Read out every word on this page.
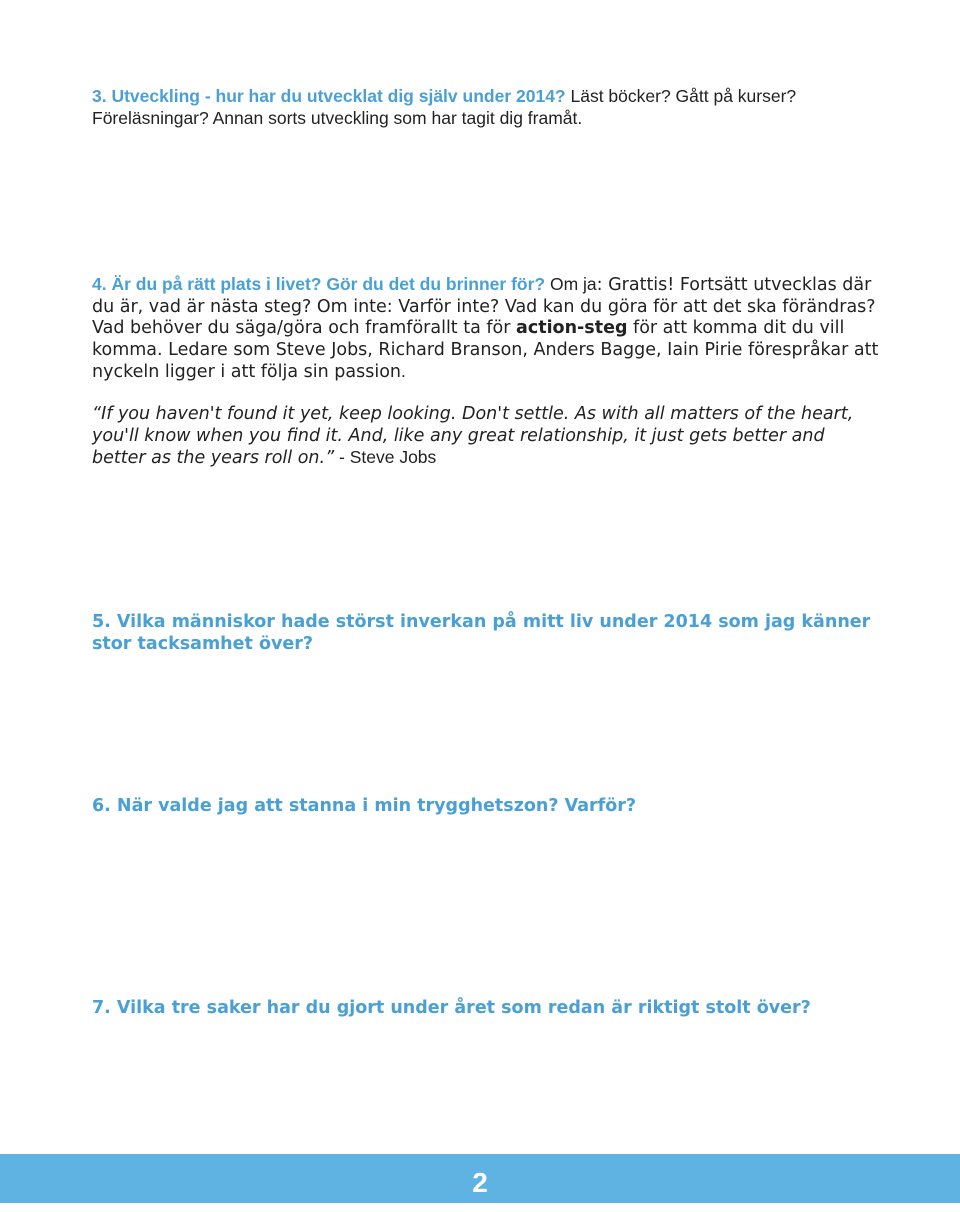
3. Utveckling - hur har du utvecklat dig själv under 2014? Läst böcker? Gått på kurser? Föreläsningar? Annan sorts utveckling som har tagit dig framåt.

4. Är du på rätt plats i livet? Gör du det du brinner för? Om ja: Grattis! Fortsätt utvecklas där du är, vad är nästa steg? Om inte: Varför inte? Vad kan du göra för att det ska förändras? Vad behöver du säga/göra och framförallt ta för action-steg för att komma dit du vill komma. Ledare som Steve Jobs, Richard Branson, Anders Bagge, Iain Pirie förespråkar att nyckeln ligger i att följa sin passion.

“If you haven't found it yet, keep looking. Don't settle. As with all matters of the heart, you'll know when you find it. And, like any great relationship, it just gets better and better as the years roll on.” - Steve Jobs

5. Vilka människor hade störst inverkan på mitt liv under 2014 som jag känner stor tacksamhet över?

6. När valde jag att stanna i min trygghetszon? Varför?

7. Vilka tre saker har du gjort under året som redan är riktigt stolt över?

2
